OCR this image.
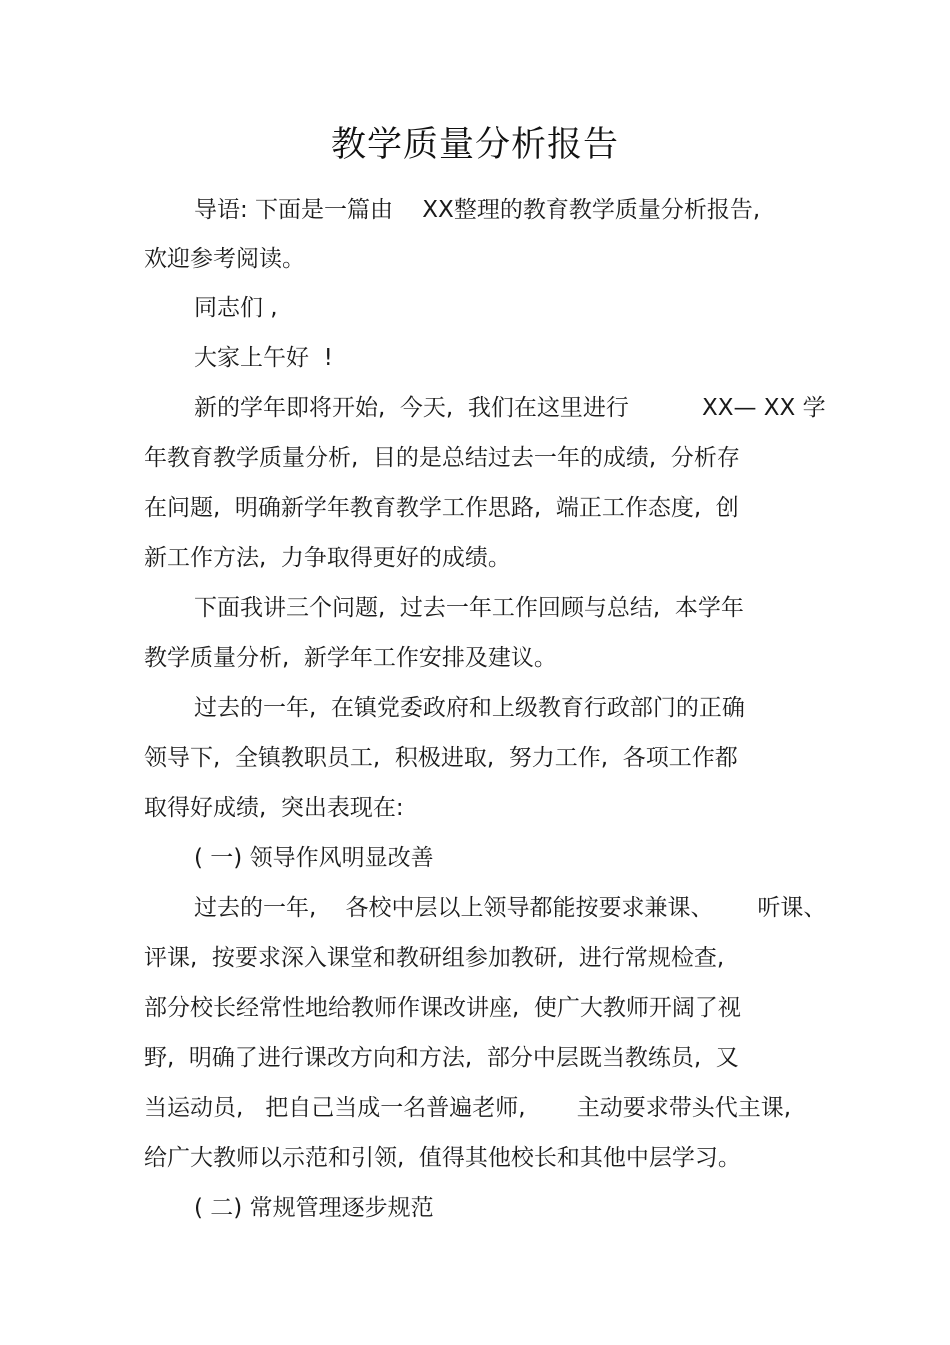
教学质量分析报告
导语: 下面是一篇由    XX整理的教育教学质量分析报告,
欢迎参考阅读。
同志们 ,
大家上午好  !
新的学年即将开始,  今天,  我们在这里进行          XX— XX 学
年教育教学质量分析,  目的是总结过去一年的成绩,  分析存
在问题,  明确新学年教育教学工作思路,  端正工作态度,  创
新工作方法,  力争取得更好的成绩。
下面我讲三个问题,  过去一年工作回顾与总结,  本学年
教学质量分析,  新学年工作安排及建议。
过去的一年,  在镇党委政府和上级教育行政部门的正确
领导下,  全镇教职员工,  积极进取,  努力工作,  各项工作都
取得好成绩,  突出表现在:
( 一) 领导作风明显改善
过去的一年,    各校中层以上领导都能按要求兼课、      听课、
评课,  按要求深入课堂和教研组参加教研,  进行常规检查,
部分校长经常性地给教师作课改讲座,  使广大教师开阔了视
野,  明确了进行课改方向和方法,  部分中层既当教练员,  又
当运动员,   把自己当成一名普遍老师,       主动要求带头代主课,
给广大教师以示范和引领,  值得其他校长和其他中层学习。
( 二) 常规管理逐步规范
